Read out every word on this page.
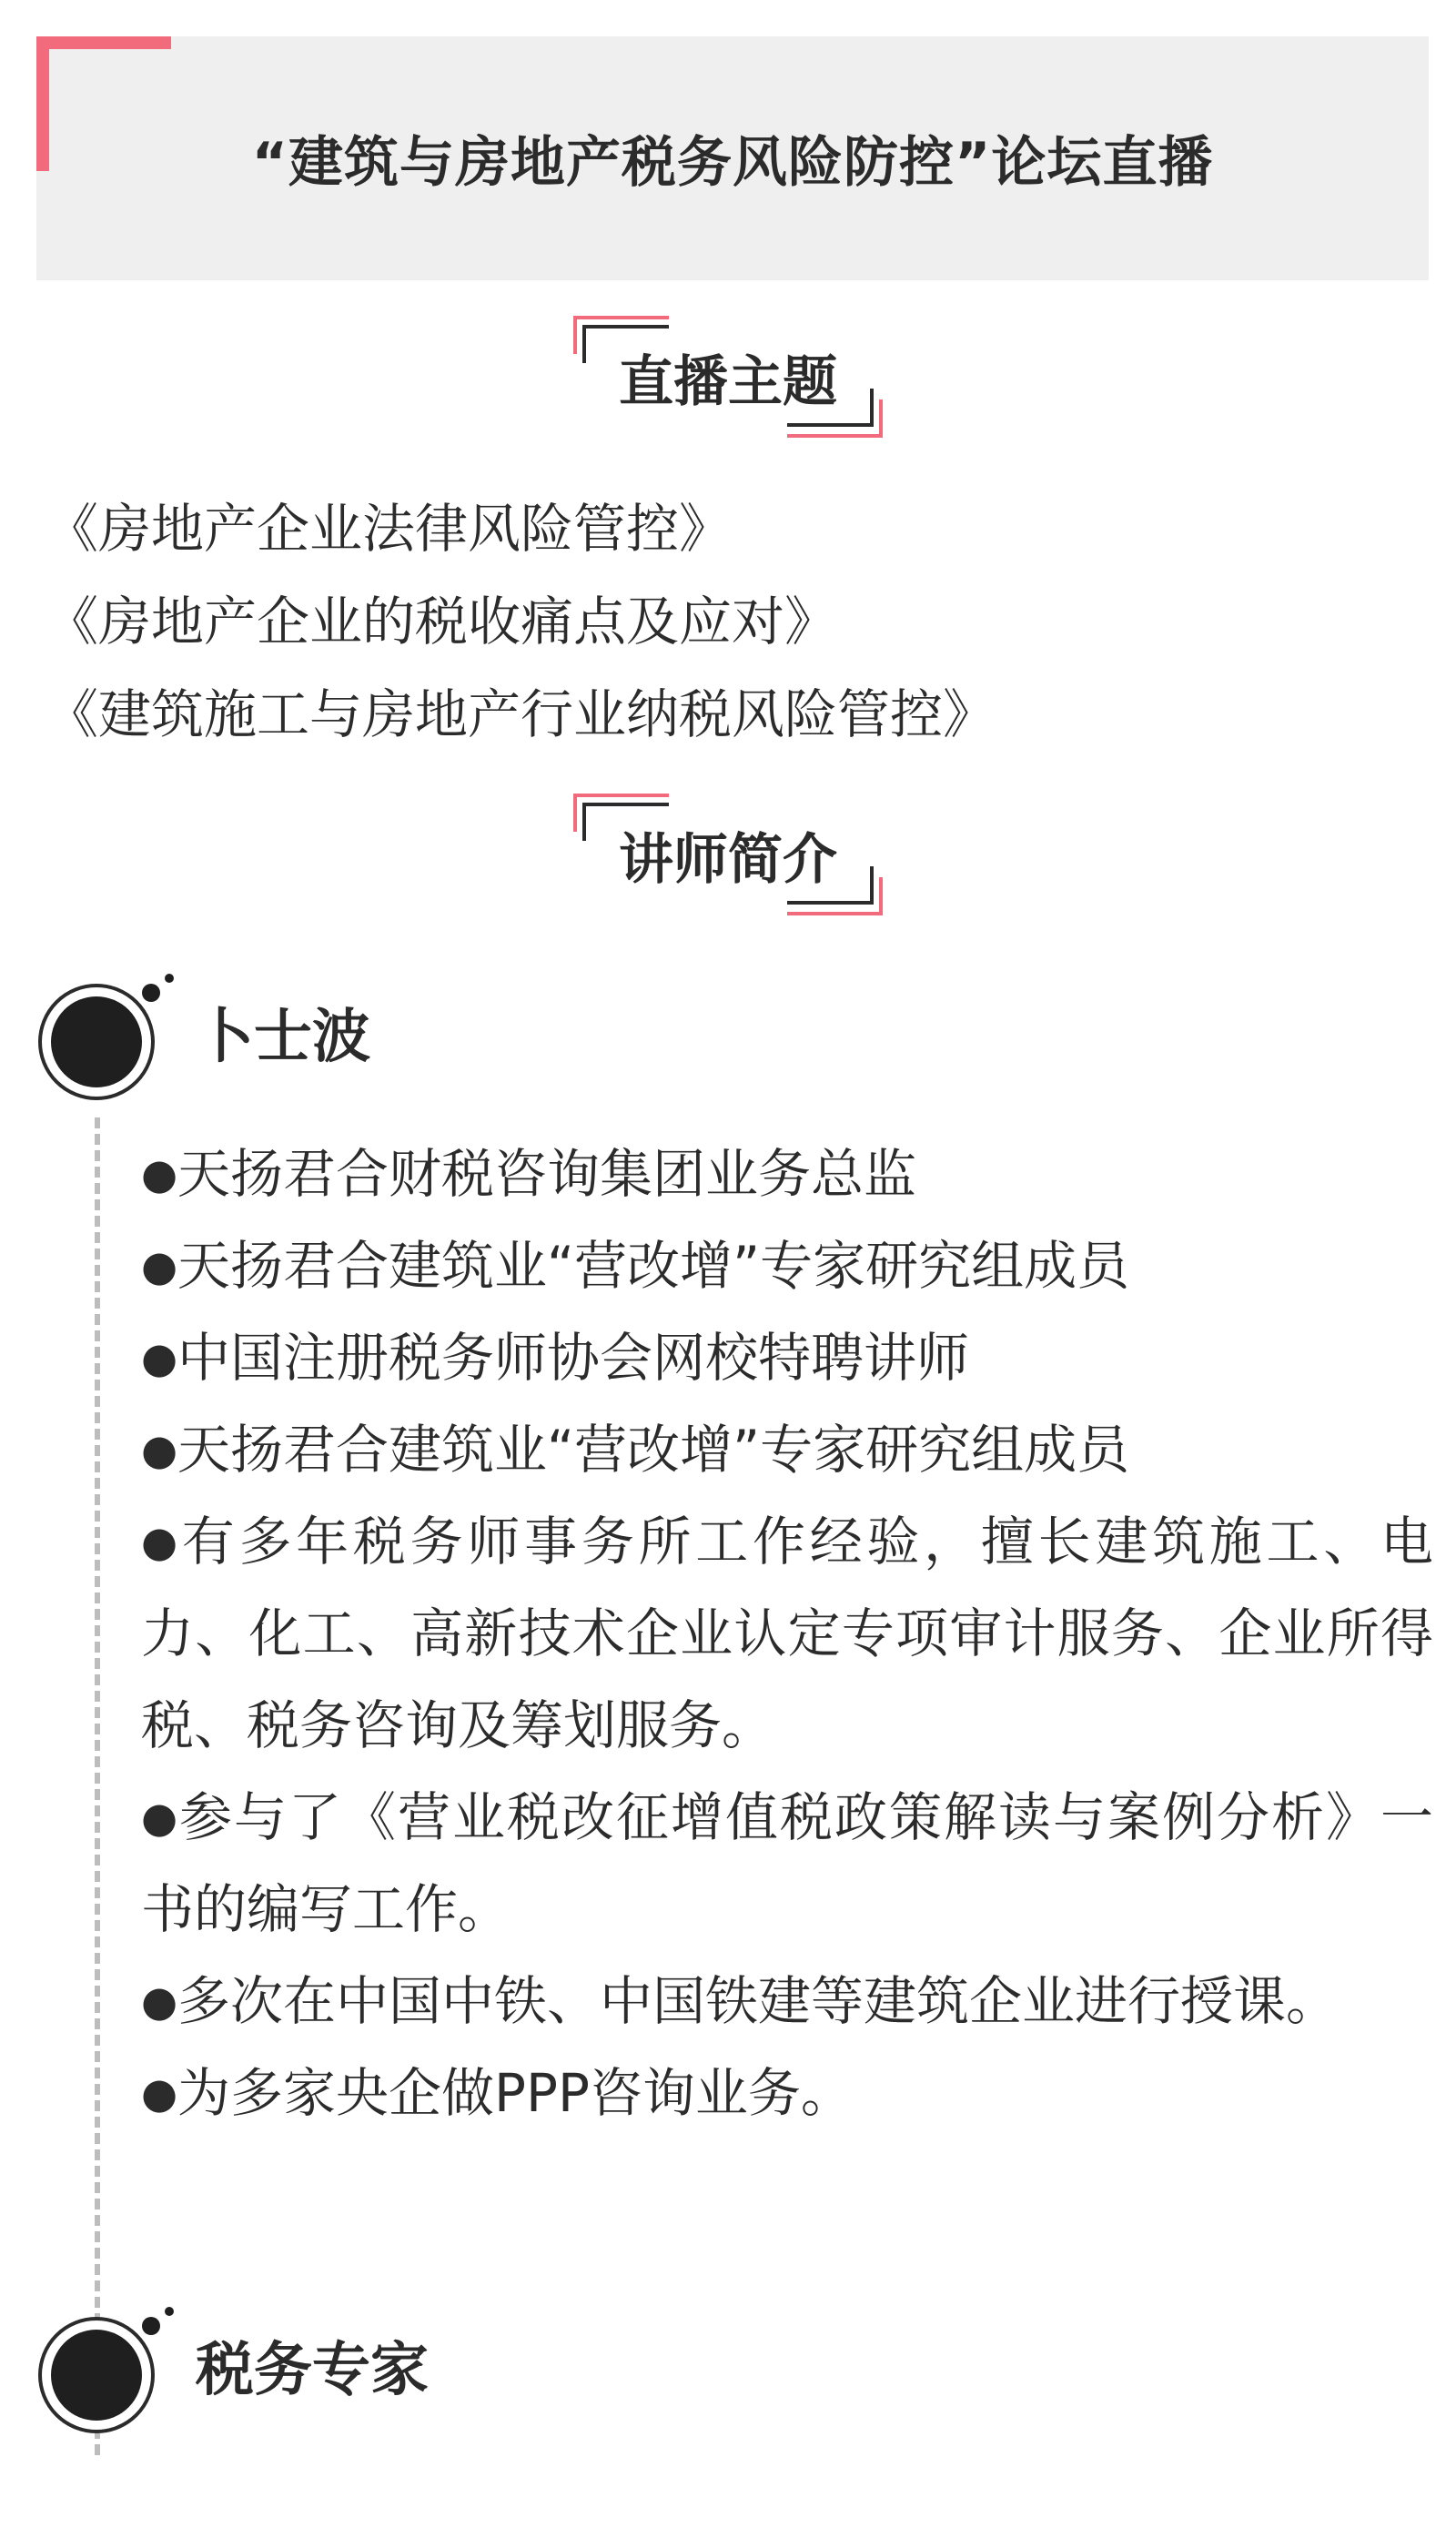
“建筑与房地产税务风险防控”论坛直播
直播主题
《房地产企业法律风险管控》
《房地产企业的税收痛点及应对》
《建筑施工与房地产行业纳税风险管控》
讲师简介
卜士波
●天扬君合财税咨询集团业务总监
●天扬君合建筑业“营改增”专家研究组成员
●中国注册税务师协会网校特聘讲师
●天扬君合建筑业“营改增”专家研究组成员
●有多年税务师事务所工作经验，擅长建筑施工、电力、化工、高新技术企业认定专项审计服务、企业所得税、税务咨询及筹划服务。
●参与了《营业税改征增值税政策解读与案例分析》一书的编写工作。
●多次在中国中铁、中国铁建等建筑企业进行授课。
●为多家央企做PPP咨询业务。
税务专家
